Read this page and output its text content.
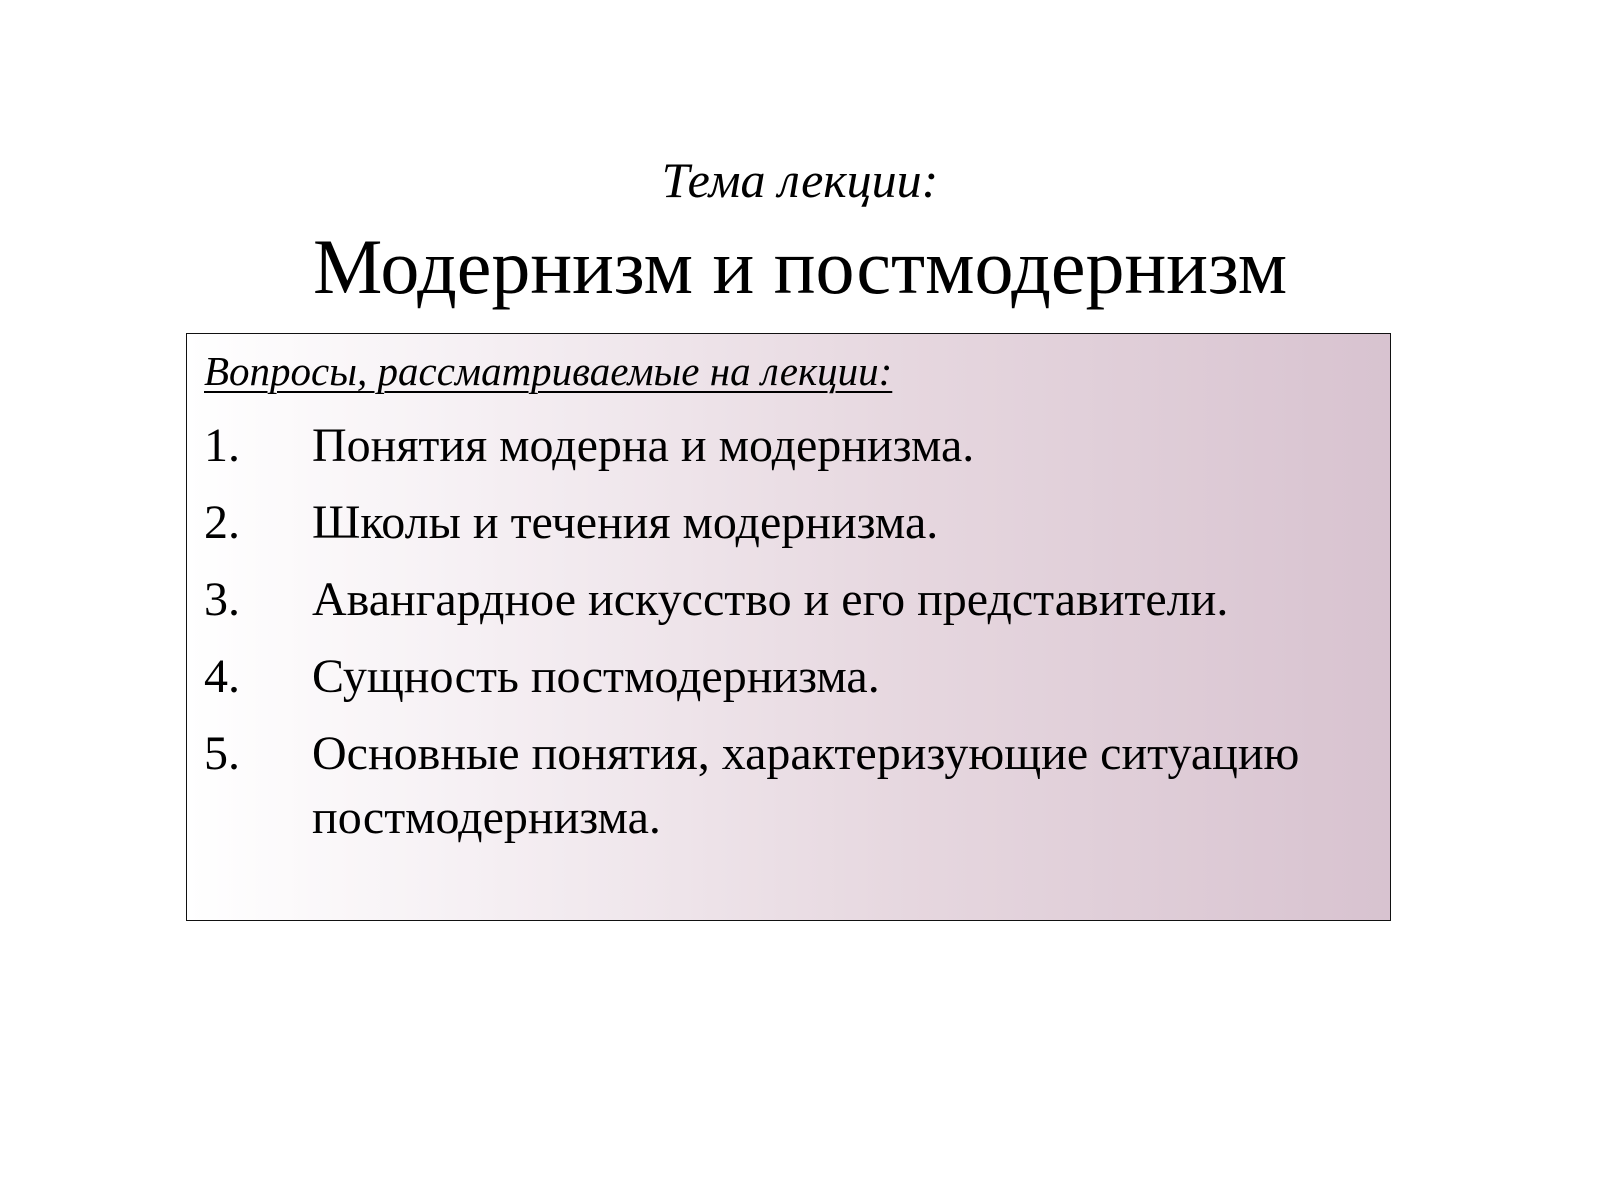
Тема лекции:
Модернизм и постмодернизм
Вопросы, рассматриваемые на лекции:
1. Понятия модерна и модернизма.
2. Школы и течения модернизма.
3. Авангардное искусство и его представители.
4. Сущность постмодернизма.
5. Основные понятия, характеризующие ситуацию постмодернизма.
